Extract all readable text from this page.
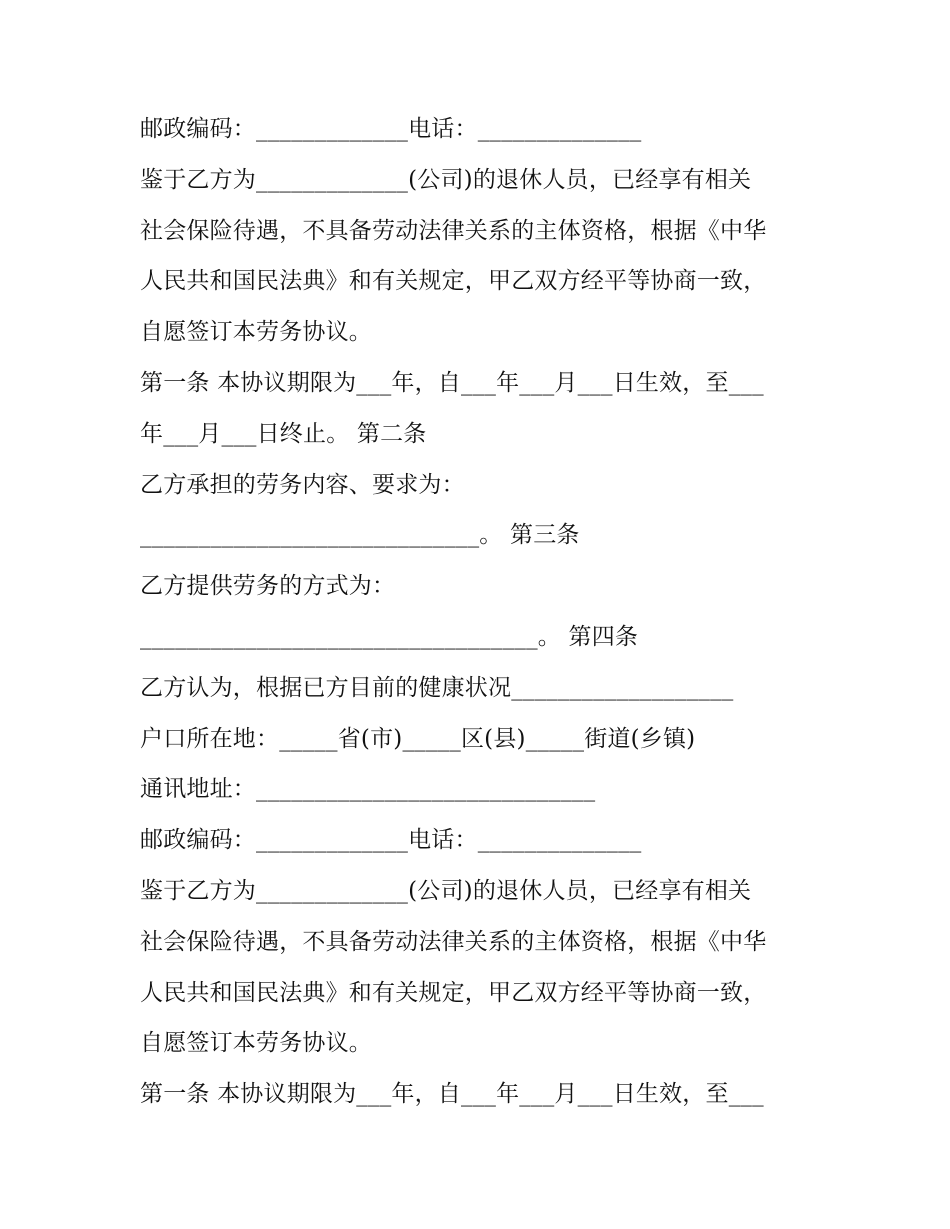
邮政编码：_____________电话：______________
鉴于乙方为_____________(公司)的退休人员，已经享有相关
社会保险待遇，不具备劳动法律关系的主体资格，根据《中华
人民共和国民法典》和有关规定，甲乙双方经平等协商一致，
自愿签订本劳务协议。
第一条 本协议期限为___年，自___年___月___日生效，至___
年___月___日终止。 第二条
乙方承担的劳务内容、要求为：
_____________________________。 第三条
乙方提供劳务的方式为：
__________________________________。 第四条
乙方认为，根据已方目前的健康状况___________________
户口所在地：_____省(市)_____区(县)_____街道(乡镇)
通讯地址：_____________________________
邮政编码：_____________电话：______________
鉴于乙方为_____________(公司)的退休人员，已经享有相关
社会保险待遇，不具备劳动法律关系的主体资格，根据《中华
人民共和国民法典》和有关规定，甲乙双方经平等协商一致，
自愿签订本劳务协议。
第一条 本协议期限为___年，自___年___月___日生效，至___
